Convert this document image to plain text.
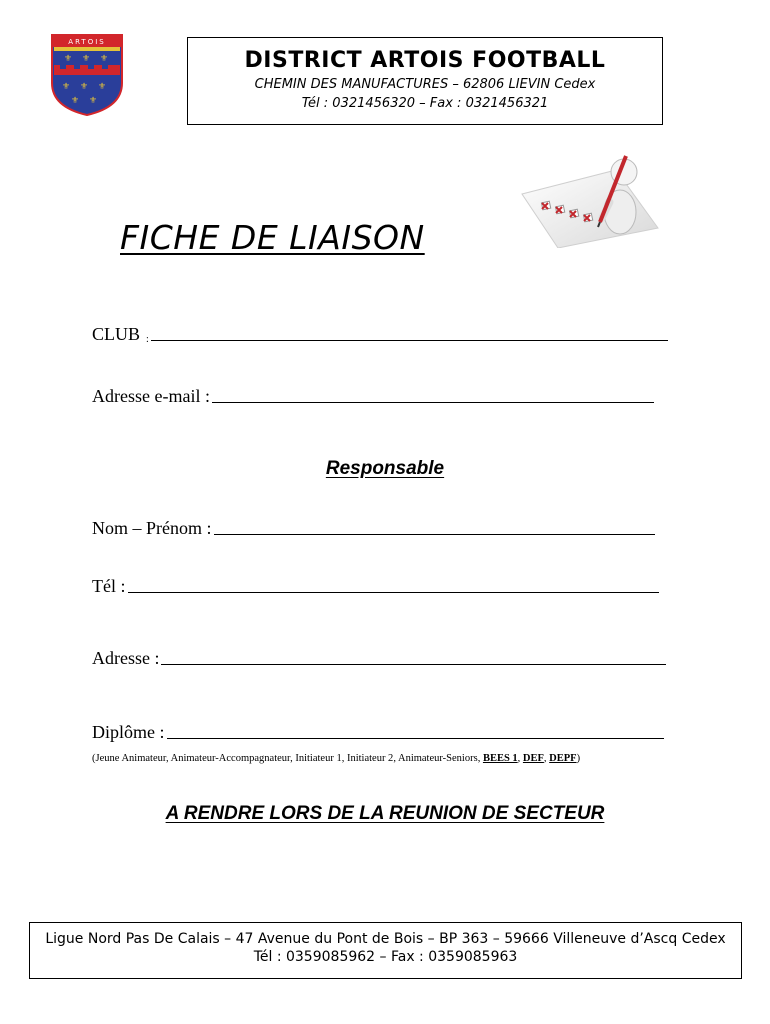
ARTOIS
⚜ ⚜ ⚜
⚜ ⚜ ⚜
⚜ ⚜
DISTRICT ARTOIS FOOTBALL
CHEMIN DES MANUFACTURES – 62806 LIEVIN Cedex
Tél : 0321456320 – Fax : 0321456321
FICHE DE LIAISON
CLUB :
Adresse e-mail :
Responsable
Nom – Prénom :
Tél :
Adresse :
Diplôme :
(Jeune Animateur, Animateur-Accompagnateur, Initiateur 1, Initiateur 2, Animateur-Seniors, BEES 1, DEF, DEPF)
A RENDRE LORS DE LA REUNION DE SECTEUR
Ligue Nord Pas De Calais – 47 Avenue du Pont de Bois – BP 363 – 59666 Villeneuve d’Ascq Cedex
Tél : 0359085962 – Fax : 0359085963
